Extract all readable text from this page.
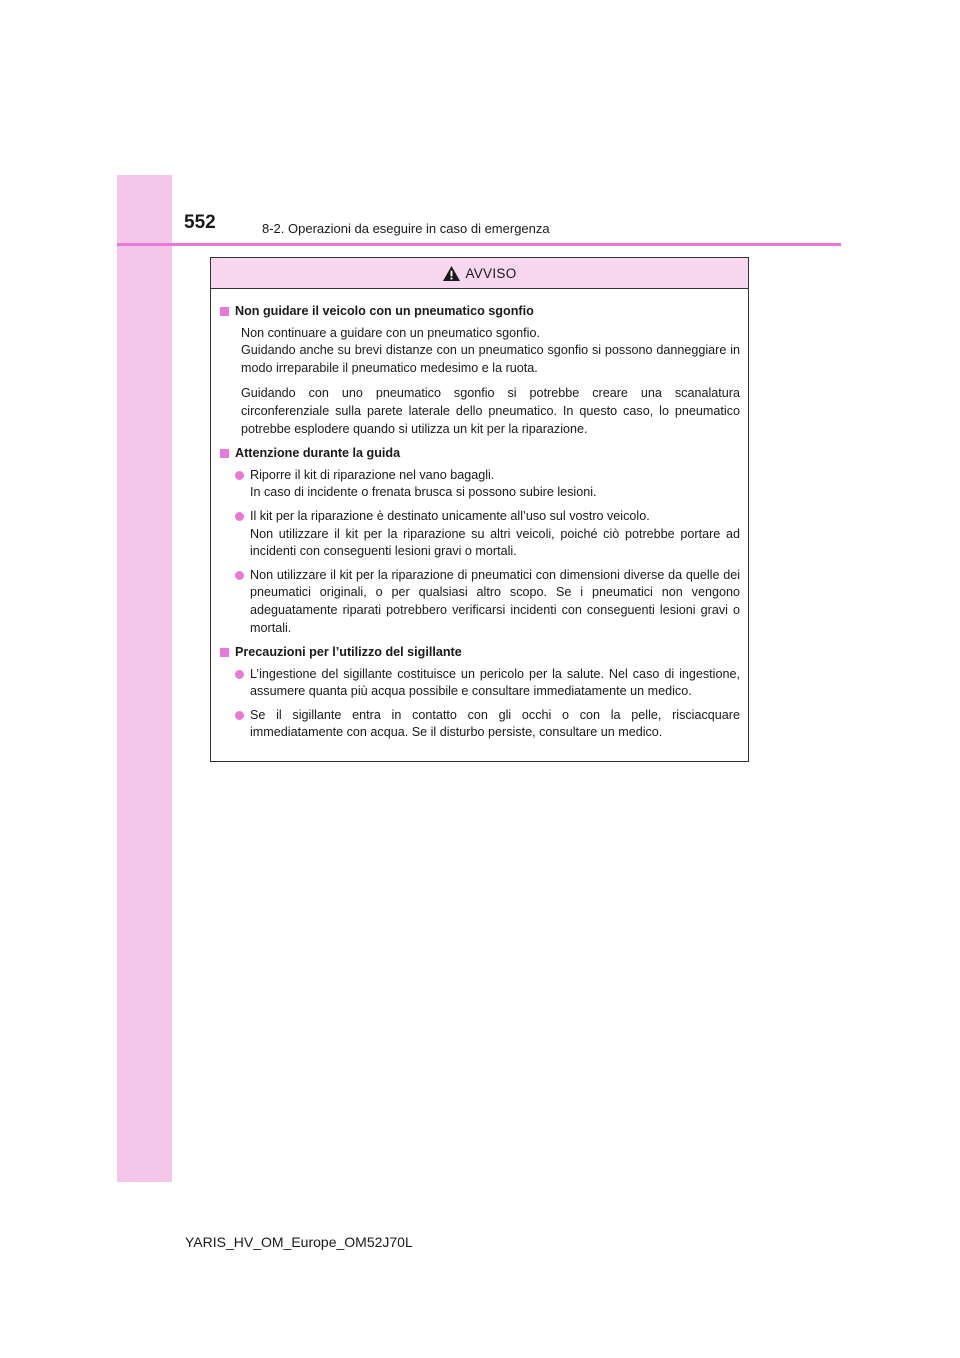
552	8-2. Operazioni da eseguire in caso di emergenza
AVVISO
Non guidare il veicolo con un pneumatico sgonfio
Non continuare a guidare con un pneumatico sgonfio.
Guidando anche su brevi distanze con un pneumatico sgonfio si possono danneggiare in modo irreparabile il pneumatico medesimo e la ruota.
Guidando con uno pneumatico sgonfio si potrebbe creare una scanalatura circonferenziale sulla parete laterale dello pneumatico. In questo caso, lo pneumatico potrebbe esplodere quando si utilizza un kit per la riparazione.
Attenzione durante la guida
Riporre il kit di riparazione nel vano bagagli.
In caso di incidente o frenata brusca si possono subire lesioni.
Il kit per la riparazione è destinato unicamente all’uso sul vostro veicolo.
Non utilizzare il kit per la riparazione su altri veicoli, poiché ciò potrebbe portare ad incidenti con conseguenti lesioni gravi o mortali.
Non utilizzare il kit per la riparazione di pneumatici con dimensioni diverse da quelle dei pneumatici originali, o per qualsiasi altro scopo. Se i pneumatici non vengono adeguatamente riparati potrebbero verificarsi incidenti con conseguenti lesioni gravi o mortali.
Precauzioni per l’utilizzo del sigillante
L’ingestione del sigillante costituisce un pericolo per la salute. Nel caso di ingestione, assumere quanta più acqua possibile e consultare immediatamente un medico.
Se il sigillante entra in contatto con gli occhi o con la pelle, risciacquare immediatamente con acqua. Se il disturbo persiste, consultare un medico.
YARIS_HV_OM_Europe_OM52J70L
